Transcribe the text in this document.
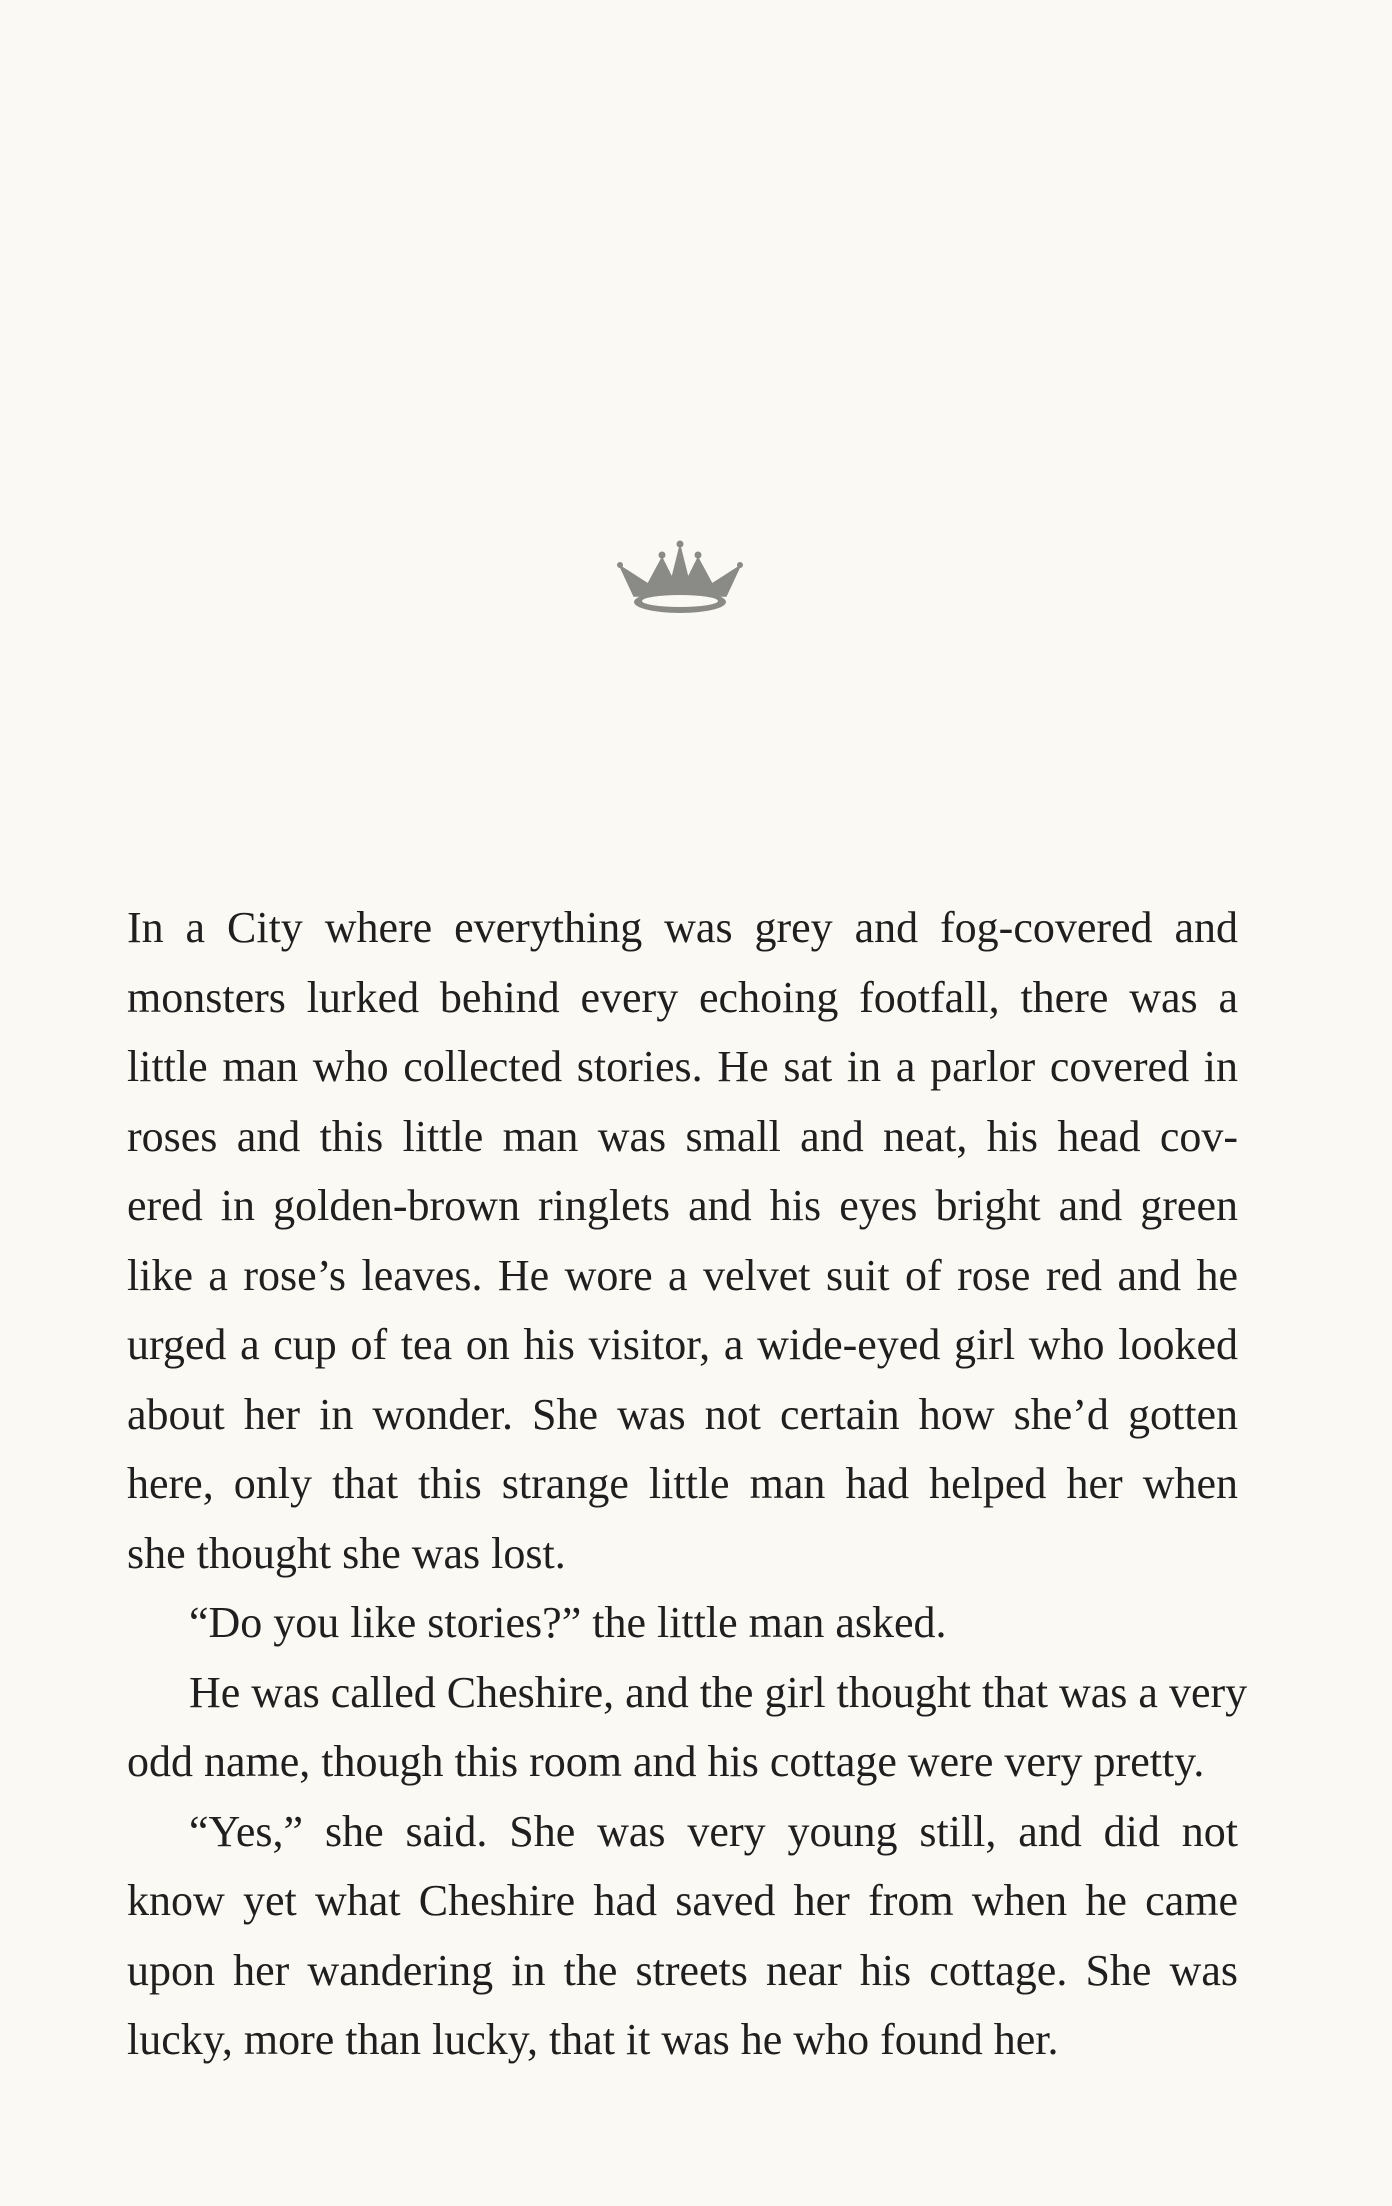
In a City where everything was grey and fog-covered and
monsters lurked behind every echoing footfall, there was a
little man who collected stories. He sat in a parlor covered in
roses and this little man was small and neat, his head cov-
ered in golden-brown ringlets and his eyes bright and green
like a rose’s leaves. He wore a velvet suit of rose red and he
urged a cup of tea on his visitor, a wide-eyed girl who looked
about her in wonder. She was not certain how she’d gotten
here, only that this strange little man had helped her when
she thought she was lost.
“Do you like stories?” the little man asked.
He was called Cheshire, and the girl thought that was a very
odd name, though this room and his cottage were very pretty.
“Yes,” she said. She was very young still, and did not
know yet what Cheshire had saved her from when he came
upon her wandering in the streets near his cottage. She was
lucky, more than lucky, that it was he who found her.
